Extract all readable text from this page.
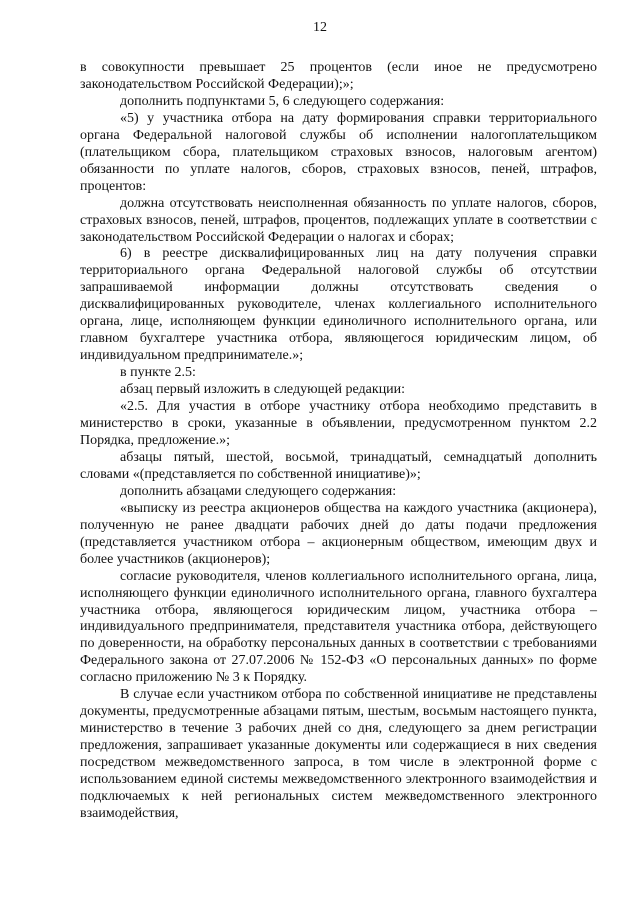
12

в совокупности превышает 25 процентов (если иное не предусмотрено законодательством Российской Федерации);»;

дополнить подпунктами 5, 6 следующего содержания:

«5) у участника отбора на дату формирования справки территориального органа Федеральной налоговой службы об исполнении налогоплательщиком (плательщиком сбора, плательщиком страховых взносов, налоговым агентом) обязанности по уплате налогов, сборов, страховых взносов, пеней, штрафов, процентов:

должна отсутствовать неисполненная обязанность по уплате налогов, сборов, страховых взносов, пеней, штрафов, процентов, подлежащих уплате в соответствии с законодательством Российской Федерации о налогах и сборах;

6) в реестре дисквалифицированных лиц на дату получения справки территориального органа Федеральной налоговой службы об отсутствии запрашиваемой информации должны отсутствовать сведения о дисквалифицированных руководителе, членах коллегиального исполнительного органа, лице, исполняющем функции единоличного исполнительного органа, или главном бухгалтере участника отбора, являющегося юридическим лицом, об индивидуальном предпринимателе.»;

в пункте 2.5:

абзац первый изложить в следующей редакции:

«2.5. Для участия в отборе участнику отбора необходимо представить в министерство в сроки, указанные в объявлении, предусмотренном пунктом 2.2 Порядка, предложение.»;

абзацы пятый, шестой, восьмой, тринадцатый, семнадцатый дополнить словами «(представляется по собственной инициативе)»;

дополнить абзацами следующего содержания:

«выписку из реестра акционеров общества на каждого участника (акционера), полученную не ранее двадцати рабочих дней до даты подачи предложения (представляется участником отбора – акционерным обществом, имеющим двух и более участников (акционеров);

согласие руководителя, членов коллегиального исполнительного органа, лица, исполняющего функции единоличного исполнительного органа, главного бухгалтера участника отбора, являющегося юридическим лицом, участника отбора – индивидуального предпринимателя, представителя участника отбора, действующего по доверенности, на обработку персональных данных в соответствии с требованиями Федерального закона от 27.07.2006 № 152-ФЗ «О персональных данных» по форме согласно приложению № 3 к Порядку.

В случае если участником отбора по собственной инициативе не представлены документы, предусмотренные абзацами пятым, шестым, восьмым настоящего пункта, министерство в течение 3 рабочих дней со дня, следующего за днем регистрации предложения, запрашивает указанные документы или содержащиеся в них сведения посредством межведомственного запроса, в том числе в электронной форме с использованием единой системы межведомственного электронного взаимодействия и подключаемых к ней региональных систем межведомственного электронного взаимодействия,
